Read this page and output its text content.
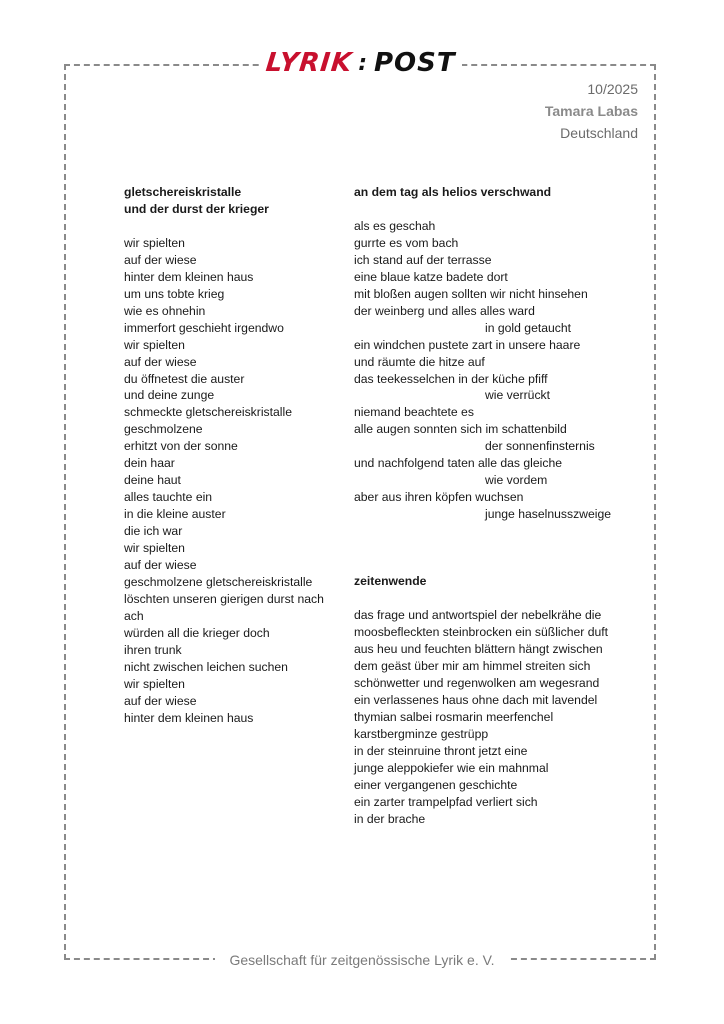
LYRIK : POST
10/2025
Tamara Labas
Deutschland
gletschereiskristalle
und der durst der krieger
wir spielten
auf der wiese
hinter dem kleinen haus
um uns tobte krieg
wie es ohnehin
immerfort geschieht irgendwo
wir spielten
auf der wiese
du öffnetest die auster
und deine zunge
schmeckte gletschereiskristalle
geschmolzene
erhitzt von der sonne
dein haar
deine haut
alles tauchte ein
in die kleine auster
die ich war
wir spielten
auf der wiese
geschmolzene gletschereiskristalle
löschten unseren gierigen durst nach
ach
würden all die krieger doch
ihren trunk
nicht zwischen leichen suchen
wir spielten
auf der wiese
hinter dem kleinen haus
an dem tag als helios verschwand
als es geschah
gurrte es vom bach
ich stand auf der terrasse
eine blaue katze badete dort
mit bloßen augen sollten wir nicht hinsehen
der weinberg und alles alles ward
in gold getaucht
ein windchen pustete zart in unsere haare
und räumte die hitze auf
das teekesselchen in der küche pfiff
wie verrückt
niemand beachtete es
alle augen sonnten sich im schattenbild
der sonnenfinsternis
und nachfolgend taten alle das gleiche
wie vordem
aber aus ihren köpfen wuchsen
junge haselnusszweige
zeitenwende
das frage und antwortspiel der nebelkrähe die
moosbefleckten steinbrocken ein süßlicher duft
aus heu und feuchten blättern hängt zwischen
dem geäst über mir am himmel streiten sich
schönwetter und regenwolken am wegesrand
ein verlassenes haus ohne dach mit lavendel
thymian salbei rosmarin meerfenchel
karstbergminze gestrüpp
in der steinruine thront jetzt eine
junge aleppokiefer wie ein mahnmal
einer vergangenen geschichte
ein zarter trampelpfad verliert sich
in der brache
Gesellschaft für zeitgenössische Lyrik e. V.
